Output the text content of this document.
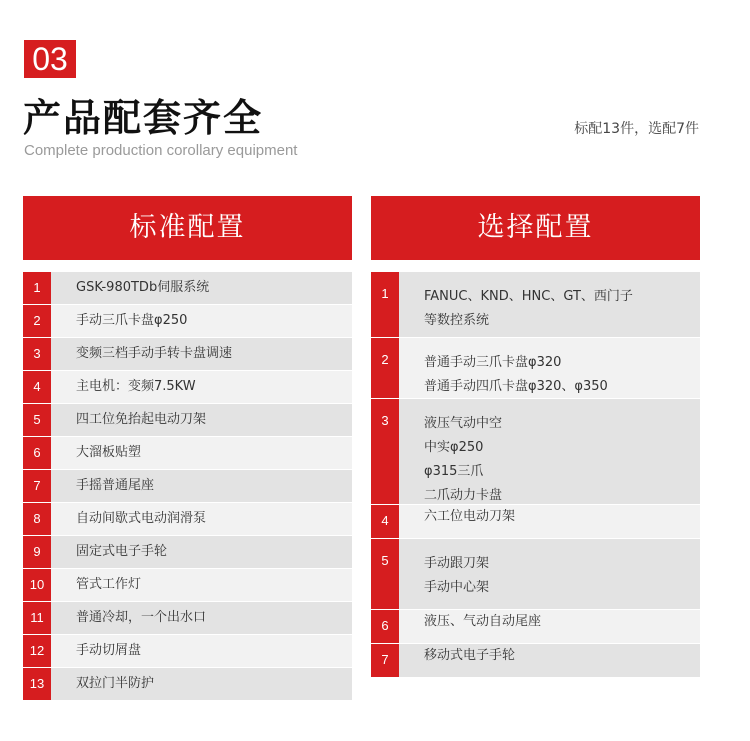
03
产品配套齐全
Complete production corollary equipment
标配13件，选配7件
标准配置
1	GSK-980TDb伺服系统
2	手动三爪卡盘φ250
3	变频三档手动手转卡盘调速
4	主电机：变频7.5KW
5	四工位免抬起电动刀架
6	大溜板贴塑
7	手摇普通尾座
8	自动间歇式电动润滑泵
9	固定式电子手轮
10	管式工作灯
11	普通冷却，一个出水口
12	手动切屑盘
13	双拉门半防护
选择配置
1	FANUC、KND、HNC、GT、西门子
等数控系统
2	普通手动三爪卡盘φ320
普通手动四爪卡盘φ320、φ350
3	液压气动中空
中实φ250
φ315三爪
二爪动力卡盘
4	六工位电动刀架
5	手动跟刀架
手动中心架
6	液压、气动自动尾座
7	移动式电子手轮
